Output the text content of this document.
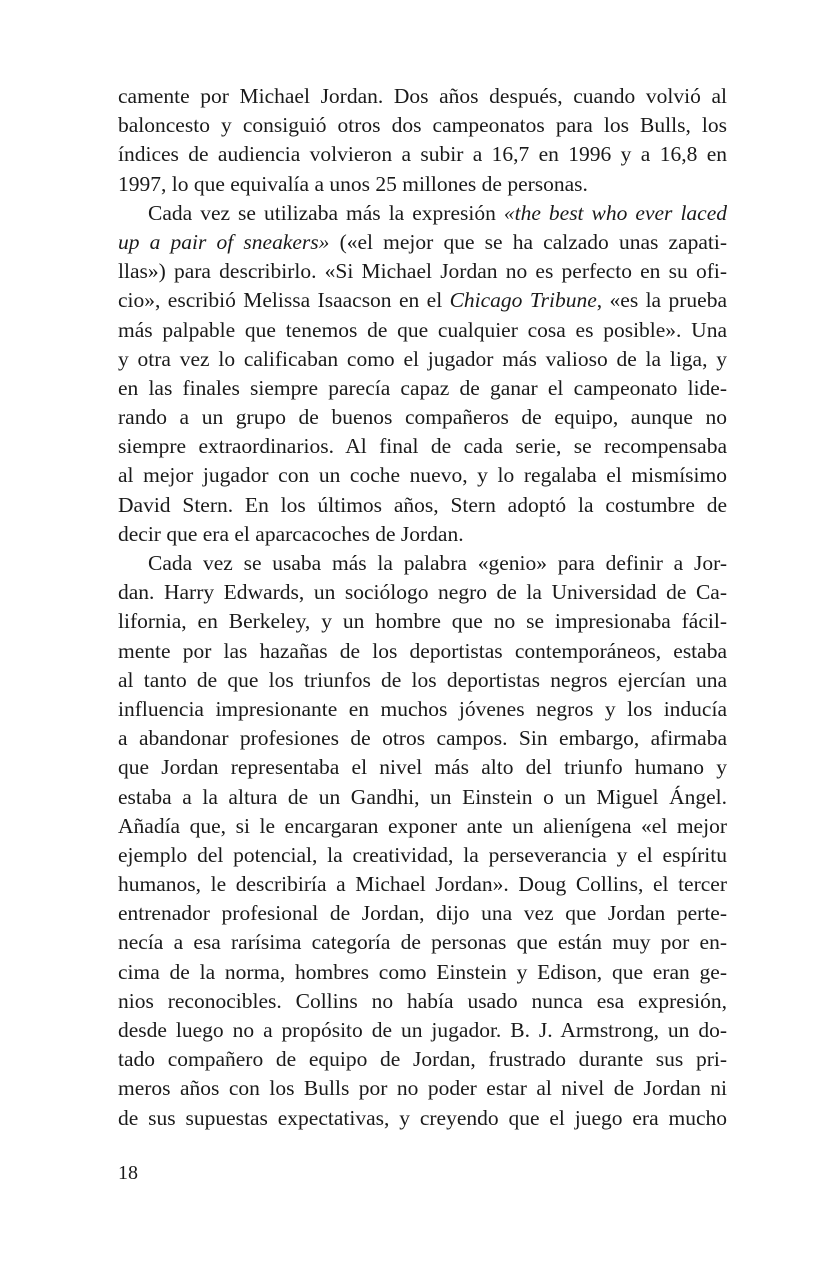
camente por Michael Jordan. Dos años después, cuando volvió al
baloncesto y consiguió otros dos campeonatos para los Bulls, los
índices de audiencia volvieron a subir a 16,7 en 1996 y a 16,8 en
1997, lo que equivalía a unos 25 millones de personas.

Cada vez se utilizaba más la expresión «the best who ever laced
up a pair of sneakers» («el mejor que se ha calzado unas zapati-
llas») para describirlo. «Si Michael Jordan no es perfecto en su ofi-
cio», escribió Melissa Isaacson en el Chicago Tribune, «es la prueba
más palpable que tenemos de que cualquier cosa es posible». Una
y otra vez lo calificaban como el jugador más valioso de la liga, y
en las finales siempre parecía capaz de ganar el campeonato lide-
rando a un grupo de buenos compañeros de equipo, aunque no
siempre extraordinarios. Al final de cada serie, se recompensaba
al mejor jugador con un coche nuevo, y lo regalaba el mismísimo
David Stern. En los últimos años, Stern adoptó la costumbre de
decir que era el aparcacoches de Jordan.

Cada vez se usaba más la palabra «genio» para definir a Jor-
dan. Harry Edwards, un sociólogo negro de la Universidad de Ca-
lifornia, en Berkeley, y un hombre que no se impresionaba fácil-
mente por las hazañas de los deportistas contemporáneos, estaba
al tanto de que los triunfos de los deportistas negros ejercían una
influencia impresionante en muchos jóvenes negros y los inducía
a abandonar profesiones de otros campos. Sin embargo, afirmaba
que Jordan representaba el nivel más alto del triunfo humano y
estaba a la altura de un Gandhi, un Einstein o un Miguel Ángel.
Añadía que, si le encargaran exponer ante un alienígena «el mejor
ejemplo del potencial, la creatividad, la perseverancia y el espíritu
humanos, le describiría a Michael Jordan». Doug Collins, el tercer
entrenador profesional de Jordan, dijo una vez que Jordan perte-
necía a esa rarísima categoría de personas que están muy por en-
cima de la norma, hombres como Einstein y Edison, que eran ge-
nios reconocibles. Collins no había usado nunca esa expresión,
desde luego no a propósito de un jugador. B. J. Armstrong, un do-
tado compañero de equipo de Jordan, frustrado durante sus pri-
meros años con los Bulls por no poder estar al nivel de Jordan ni
de sus supuestas expectativas, y creyendo que el juego era mucho

18
